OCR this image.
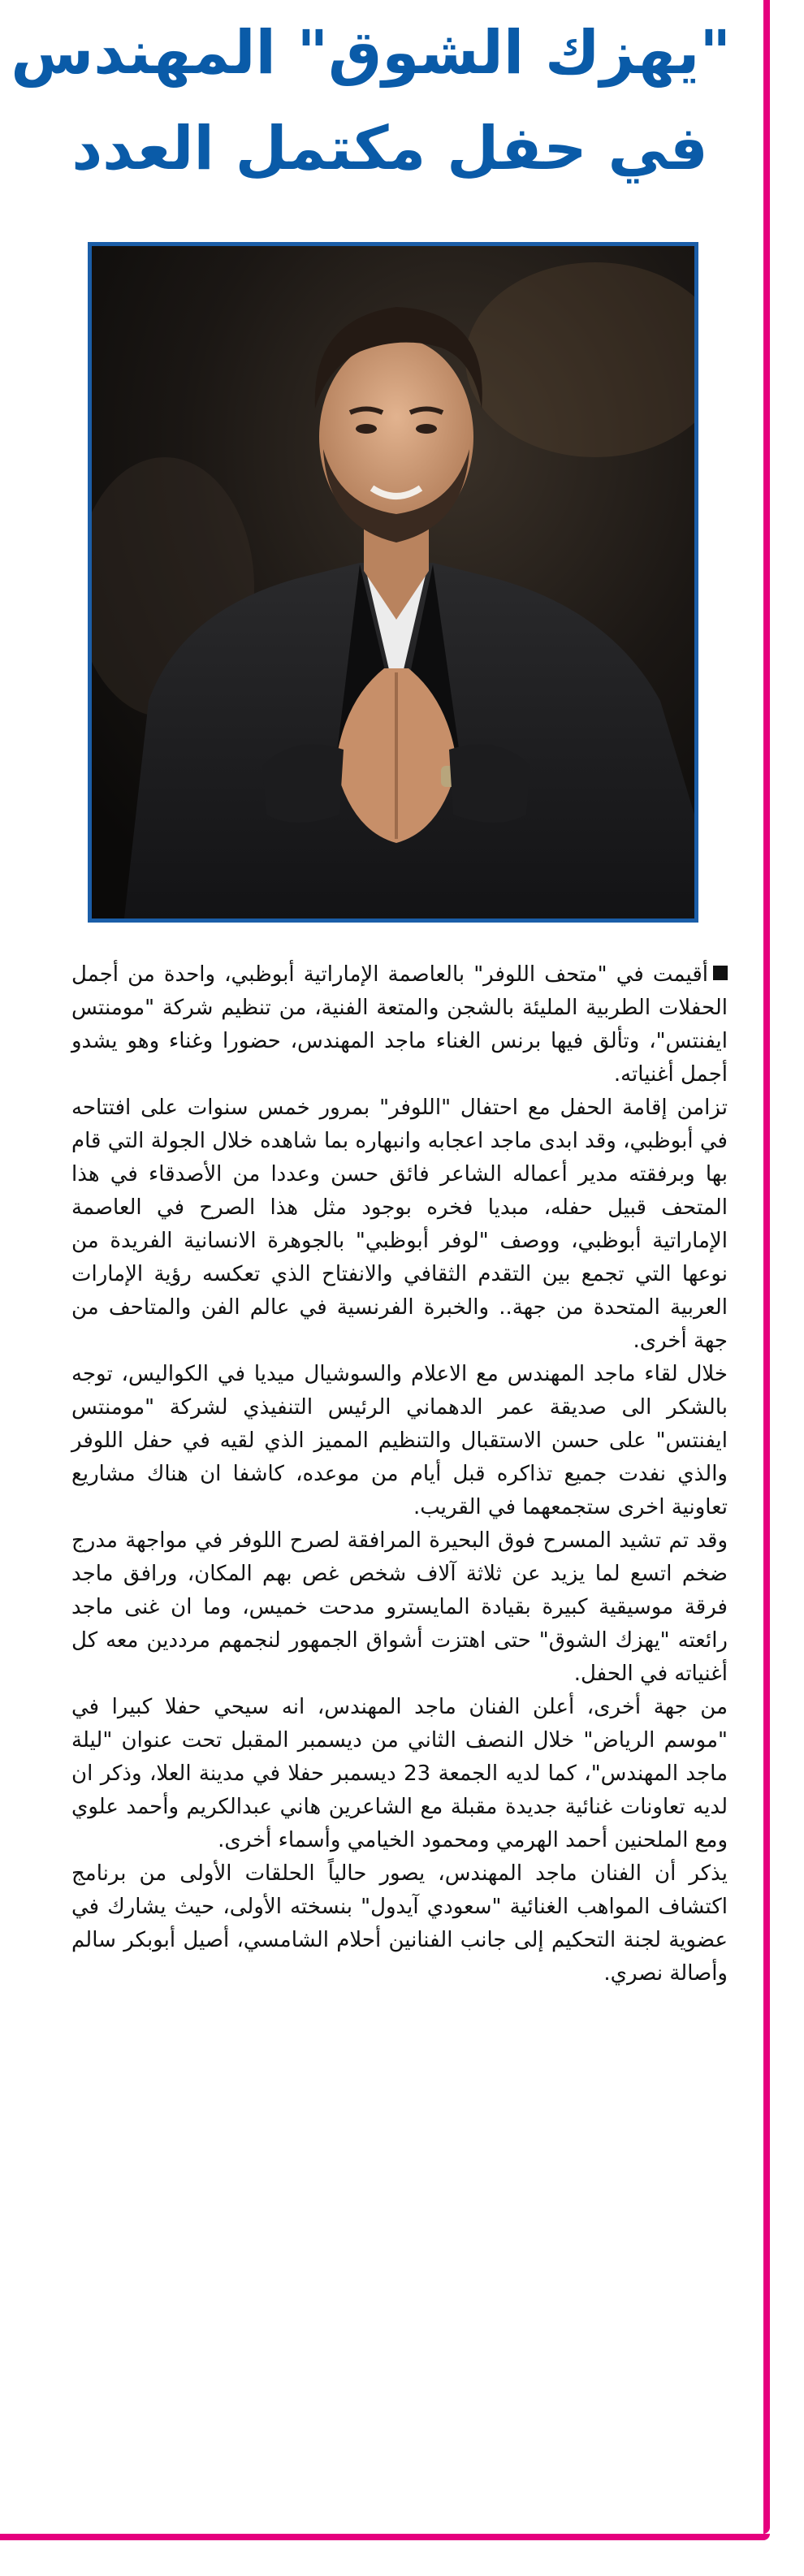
"يهزك الشوق" المهندس
في حفل مكتمل العدد

أقيمت في "متحف اللوفر" بالعاصمة الإماراتية أبوظبي، واحدة من أجمل الحفلات الطربية المليئة بالشجن والمتعة الفنية، من تنظيم شركة "مومنتس ايفنتس"، وتألق فيها برنس الغناء ماجد المهندس، حضورا وغناء وهو يشدو أجمل أغنياته.

تزامن إقامة الحفل مع احتفال "اللوفر" بمرور خمس سنوات على افتتاحه في أبوظبي، وقد ابدى ماجد اعجابه وانبهاره بما شاهده خلال الجولة التي قام بها وبرفقته مدير أعماله الشاعر فائق حسن وعددا من الأصدقاء في هذا المتحف قبيل حفله، مبديا فخره بوجود مثل هذا الصرح في العاصمة الإماراتية أبوظبي، ووصف "لوفر أبوظبي" بالجوهرة الانسانية الفريدة من نوعها التي تجمع بين التقدم الثقافي والانفتاح الذي تعكسه رؤية الإمارات العربية المتحدة من جهة.. والخبرة الفرنسية في عالم الفن والمتاحف من جهة أخرى.

خلال لقاء ماجد المهندس مع الاعلام والسوشيال ميديا في الكواليس، توجه بالشكر الى صديقة عمر الدهماني الرئيس التنفيذي لشركة "مومنتس ايفنتس" على حسن الاستقبال والتنظيم المميز الذي لقيه في حفل اللوفر والذي نفدت جميع تذاكره قبل أيام من موعده، كاشفا ان هناك مشاريع تعاونية اخرى ستجمعهما في القريب.

وقد تم تشيد المسرح فوق البحيرة المرافقة لصرح اللوفر في مواجهة مدرج ضخم اتسع لما يزيد عن ثلاثة آلاف شخص غص بهم المكان، ورافق ماجد فرقة موسيقية كبيرة بقيادة المايسترو مدحت خميس، وما ان غنى ماجد رائعته "يهزك الشوق" حتى اهتزت أشواق الجمهور لنجمهم مرددين معه كل أغنياته في الحفل.

من جهة أخرى، أعلن الفنان ماجد المهندس، انه سيحي حفلا كبيرا في "موسم الرياض" خلال النصف الثاني من ديسمبر المقبل تحت عنوان "ليلة ماجد المهندس"، كما لديه الجمعة 23 ديسمبر حفلا في مدينة العلا، وذكر ان لديه تعاونات غنائية جديدة مقبلة مع الشاعرين هاني عبدالكريم وأحمد علوي ومع الملحنين أحمد الهرمي ومحمود الخيامي وأسماء أخرى.

يذكر أن الفنان ماجد المهندس، يصور حالياً الحلقات الأولى من برنامج اكتشاف المواهب الغنائية "سعودي آيدول" بنسخته الأولى، حيث يشارك في عضوية لجنة التحكيم إلى جانب الفنانين أحلام الشامسي، أصيل أبوبكر سالم وأصالة نصري.
